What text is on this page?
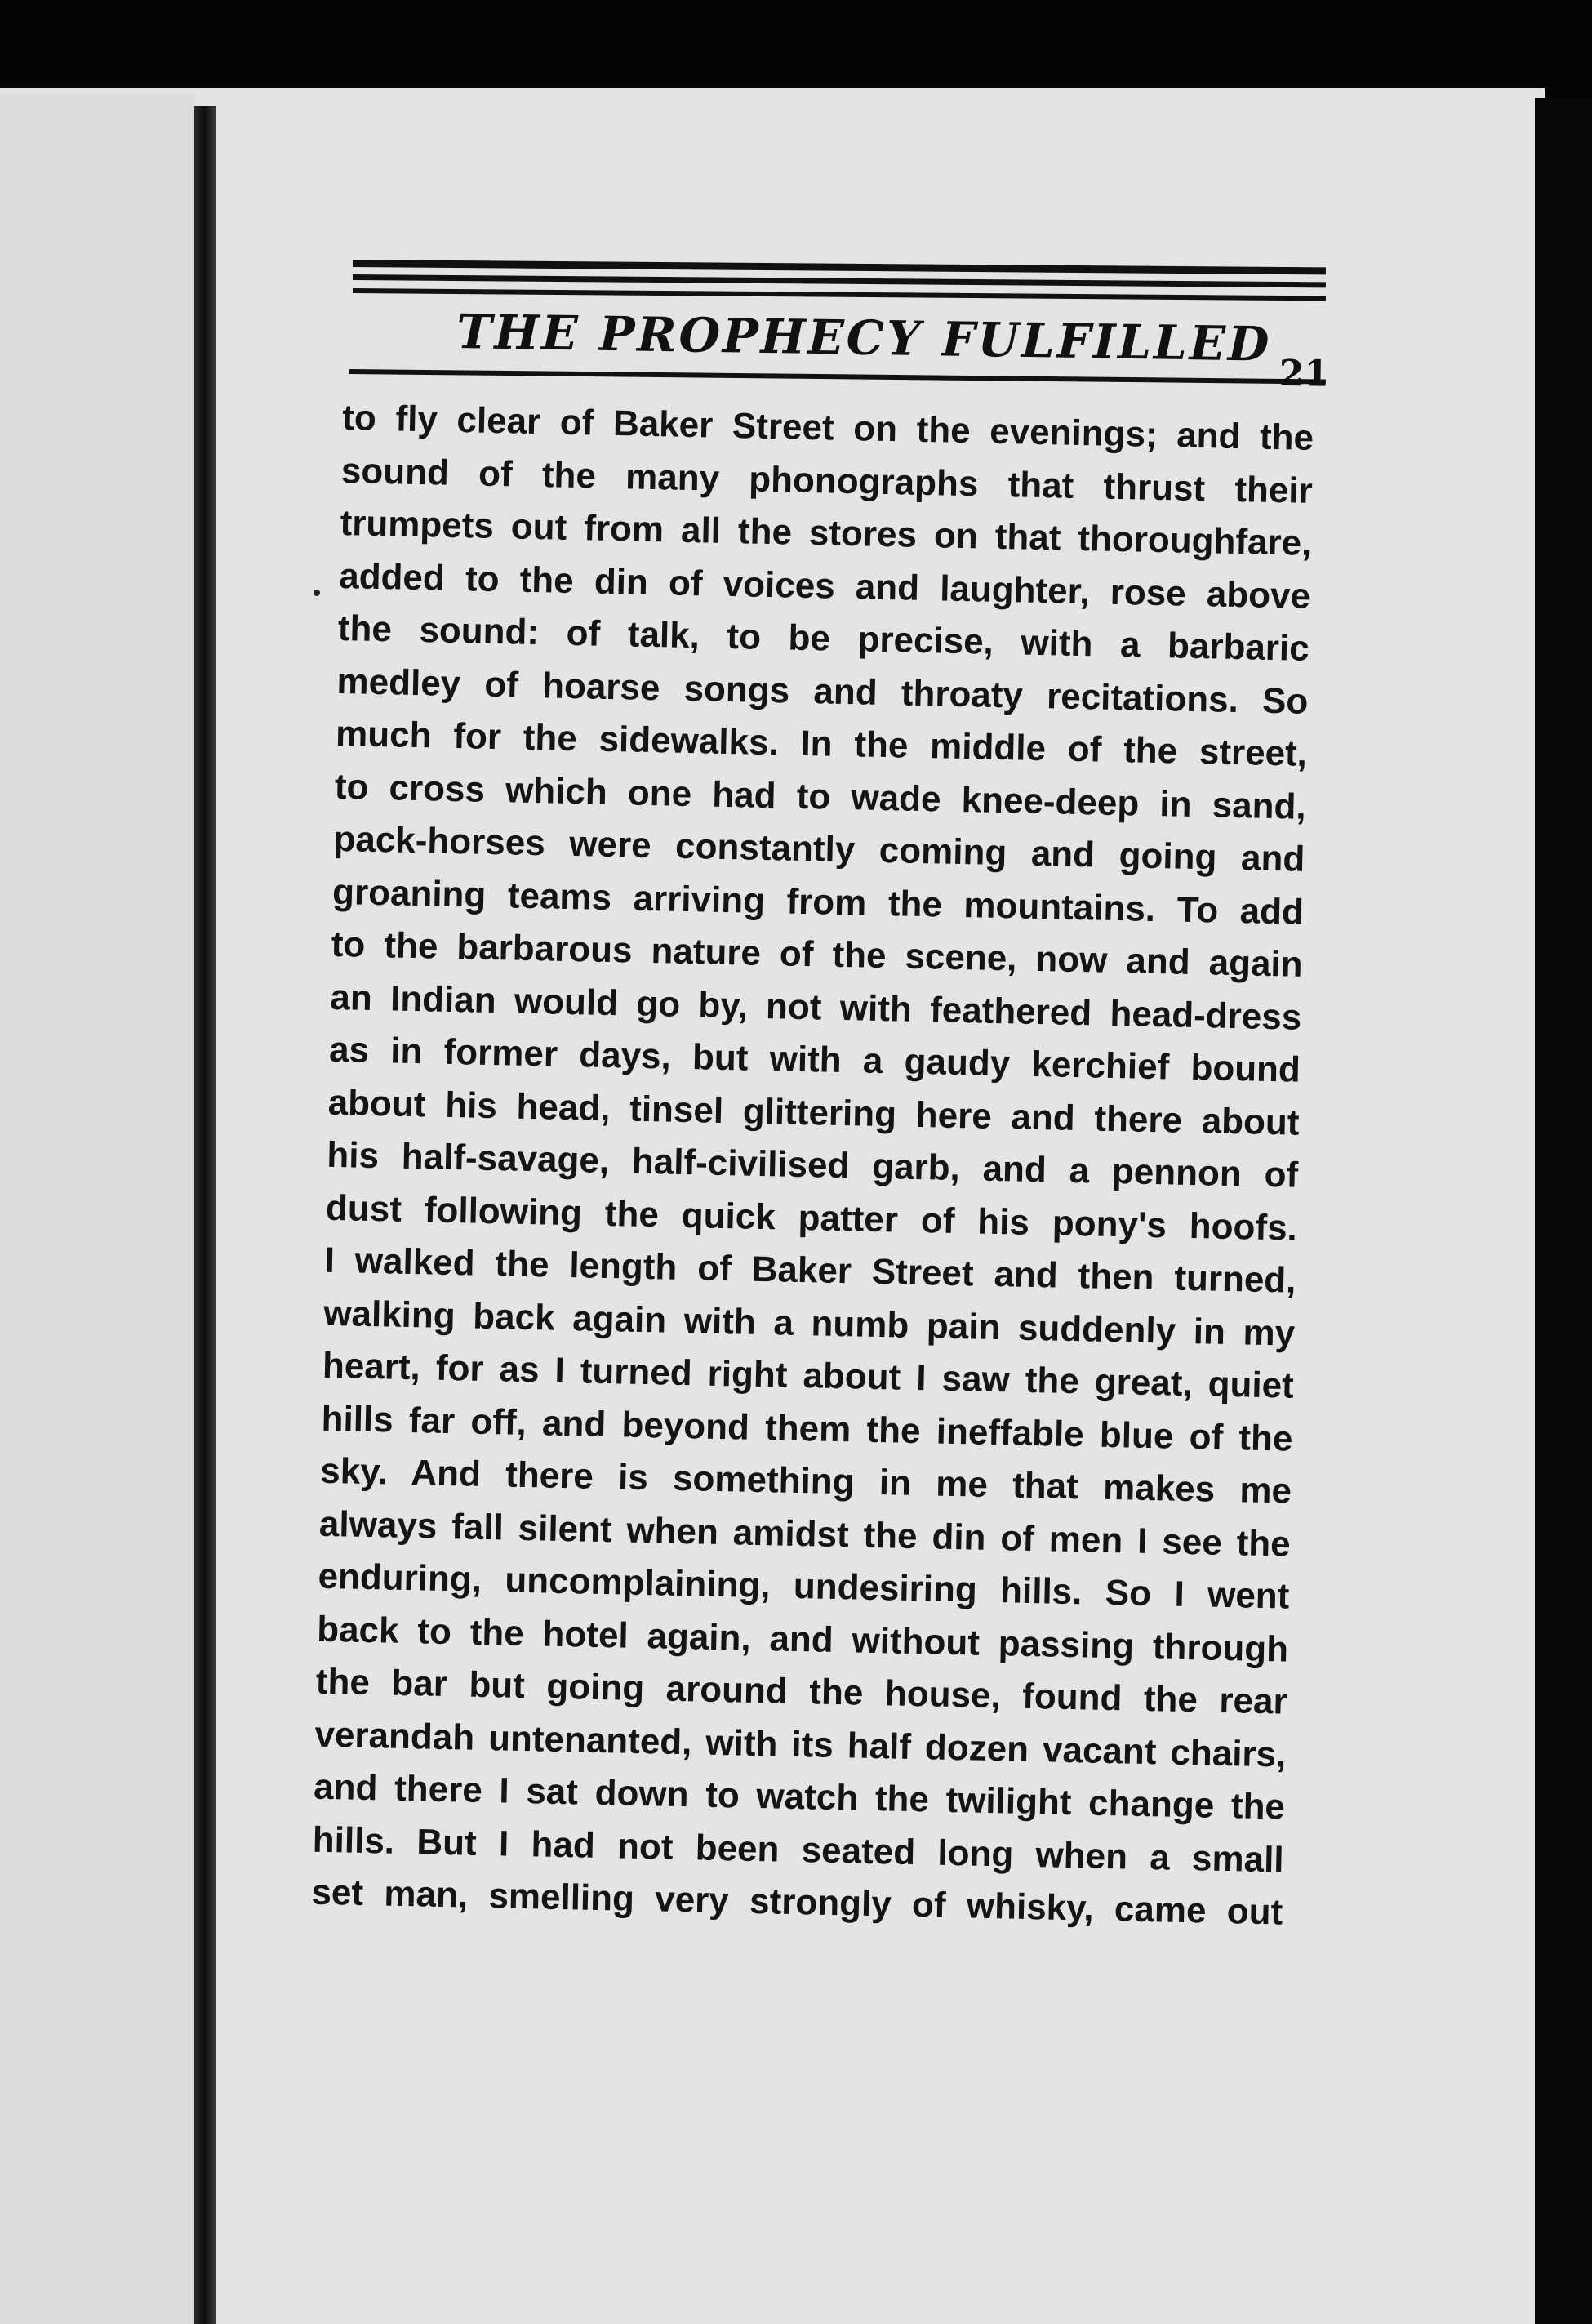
THE PROPHECY FULFILLED
21
to fly clear of Baker Street on the evenings; and the
sound of the many phonographs that thrust their
trumpets out from all the stores on that thoroughfare,
added to the din of voices and laughter, rose above
the sound: of talk, to be precise, with a barbaric
medley of hoarse songs and throaty recitations. So
much for the sidewalks. In the middle of the street,
to cross which one had to wade knee-deep in sand,
pack-horses were constantly coming and going and
groaning teams arriving from the mountains. To add
to the barbarous nature of the scene, now and again
an Indian would go by, not with feathered head-dress
as in former days, but with a gaudy kerchief bound
about his head, tinsel glittering here and there about
his half-savage, half-civilised garb, and a pennon of
dust following the quick patter of his pony's hoofs.
I walked the length of Baker Street and then turned,
walking back again with a numb pain suddenly in my
heart, for as I turned right about I saw the great, quiet
hills far off, and beyond them the ineffable blue of the
sky. And there is something in me that makes me
always fall silent when amidst the din of men I see the
enduring, uncomplaining, undesiring hills. So I went
back to the hotel again, and without passing through
the bar but going around the house, found the rear
verandah untenanted, with its half dozen vacant chairs,
and there I sat down to watch the twilight change the
hills. But I had not been seated long when a small
set man, smelling very strongly of whisky, came out
